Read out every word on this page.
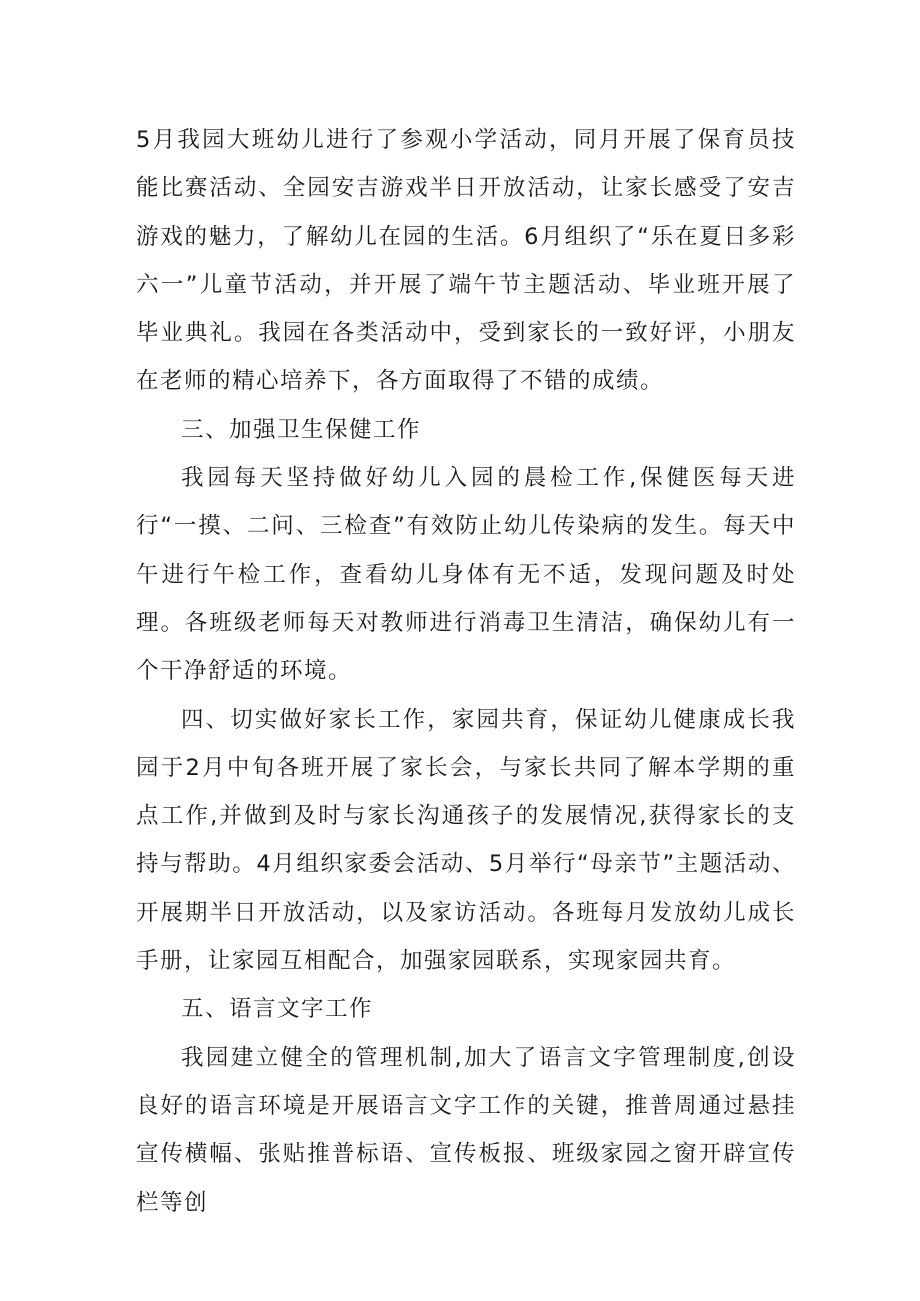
5月我园大班幼儿进行了参观小学活动，同月开展了保育员技能比赛活动、全园安吉游戏半日开放活动，让家长感受了安吉游戏的魅力，了解幼儿在园的生活。6月组织了“乐在夏日多彩六一”儿童节活动，并开展了端午节主题活动、毕业班开展了毕业典礼。我园在各类活动中，受到家长的一致好评，小朋友在老师的精心培养下，各方面取得了不错的成绩。

三、加强卫生保健工作

我园每天坚持做好幼儿入园的晨检工作,保健医每天进行“一摸、二问、三检查”有效防止幼儿传染病的发生。每天中午进行午检工作，查看幼儿身体有无不适，发现问题及时处理。各班级老师每天对教师进行消毒卫生清洁，确保幼儿有一个干净舒适的环境。

四、切实做好家长工作，家园共育，保证幼儿健康成长我园于2月中旬各班开展了家长会，与家长共同了解本学期的重点工作,并做到及时与家长沟通孩子的发展情况,获得家长的支持与帮助。4月组织家委会活动、5月举行“母亲节”主题活动、开展期半日开放活动，以及家访活动。各班每月发放幼儿成长手册，让家园互相配合，加强家园联系，实现家园共育。

五、语言文字工作

我园建立健全的管理机制,加大了语言文字管理制度,创设良好的语言环境是开展语言文字工作的关键，推普周通过悬挂宣传横幅、张贴推普标语、宣传板报、班级家园之窗开辟宣传栏等创
